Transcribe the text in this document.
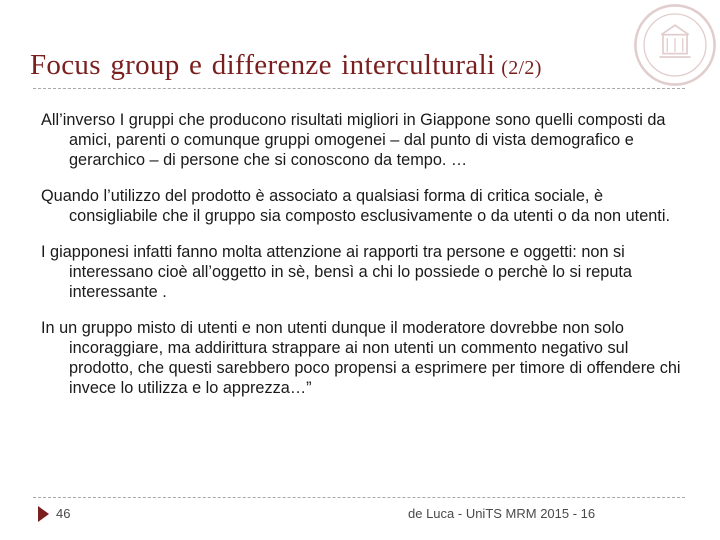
Focus group e differenze interculturali (2/2)

All’inverso I gruppi che producono risultati migliori in Giappone sono quelli composti da amici, parenti o comunque gruppi omogenei – dal punto di vista demografico e gerarchico – di persone che si conoscono da tempo. …

Quando l’utilizzo del prodotto è associato a qualsiasi forma di critica sociale, è consigliabile che il gruppo sia composto esclusivamente o da utenti o da non utenti.

I giapponesi infatti fanno molta attenzione ai rapporti tra persone e oggetti: non si interessano cioè all’oggetto in sè, bensì a chi lo possiede o perchè lo si reputa interessante .

In un gruppo misto di utenti e non utenti dunque il moderatore dovrebbe non solo incoraggiare, ma addirittura strappare ai non utenti un commento negativo sul prodotto, che questi sarebbero poco propensi a esprimere per timore di offendere chi invece lo utilizza e lo apprezza…”

46	de Luca - UniTS MRM 2015 - 16
